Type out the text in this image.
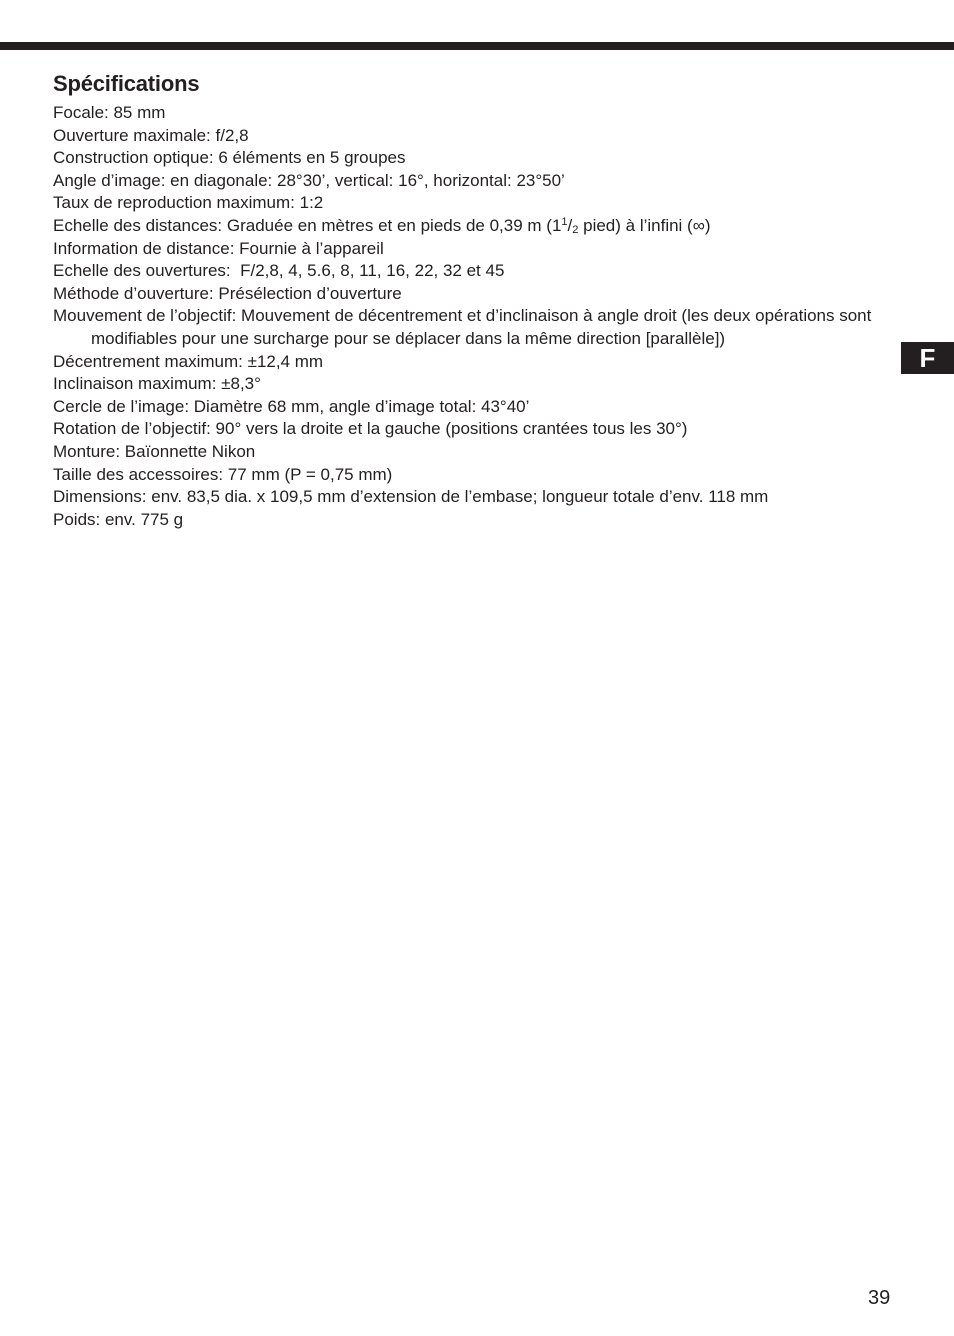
Spécifications
Focale: 85 mm
Ouverture maximale: f/2,8
Construction optique: 6 éléments en 5 groupes
Angle d’image: en diagonale: 28°30’, vertical: 16°, horizontal: 23°50’
Taux de reproduction maximum: 1:2
Echelle des distances: Graduée en mètres et en pieds de 0,39 m ($1^1/_2$ pied) à l’infini (∞)
Information de distance: Fournie à l’appareil
Echelle des ouvertures:  F/2,8, 4, 5.6, 8, 11, 16, 22, 32 et 45
Méthode d’ouverture: Présélection d’ouverture
Mouvement de l’objectif: Mouvement de décentrement et d’inclinaison à angle droit (les deux opérations sont modifiables pour une surcharge pour se déplacer dans la même direction [parallèle])
Décentrement maximum: ±12,4 mm
Inclinaison maximum: ±8,3°
Cercle de l’image: Diamètre 68 mm, angle d’image total: 43°40’
Rotation de l’objectif: 90° vers la droite et la gauche (positions crantées tous les 30°)
Monture: Baïonnette Nikon
Taille des accessoires: 77 mm (P = 0,75 mm)
Dimensions: env. 83,5 dia. x 109,5 mm d’extension de l’embase; longueur totale d’env. 118 mm
Poids: env. 775 g
F
39
